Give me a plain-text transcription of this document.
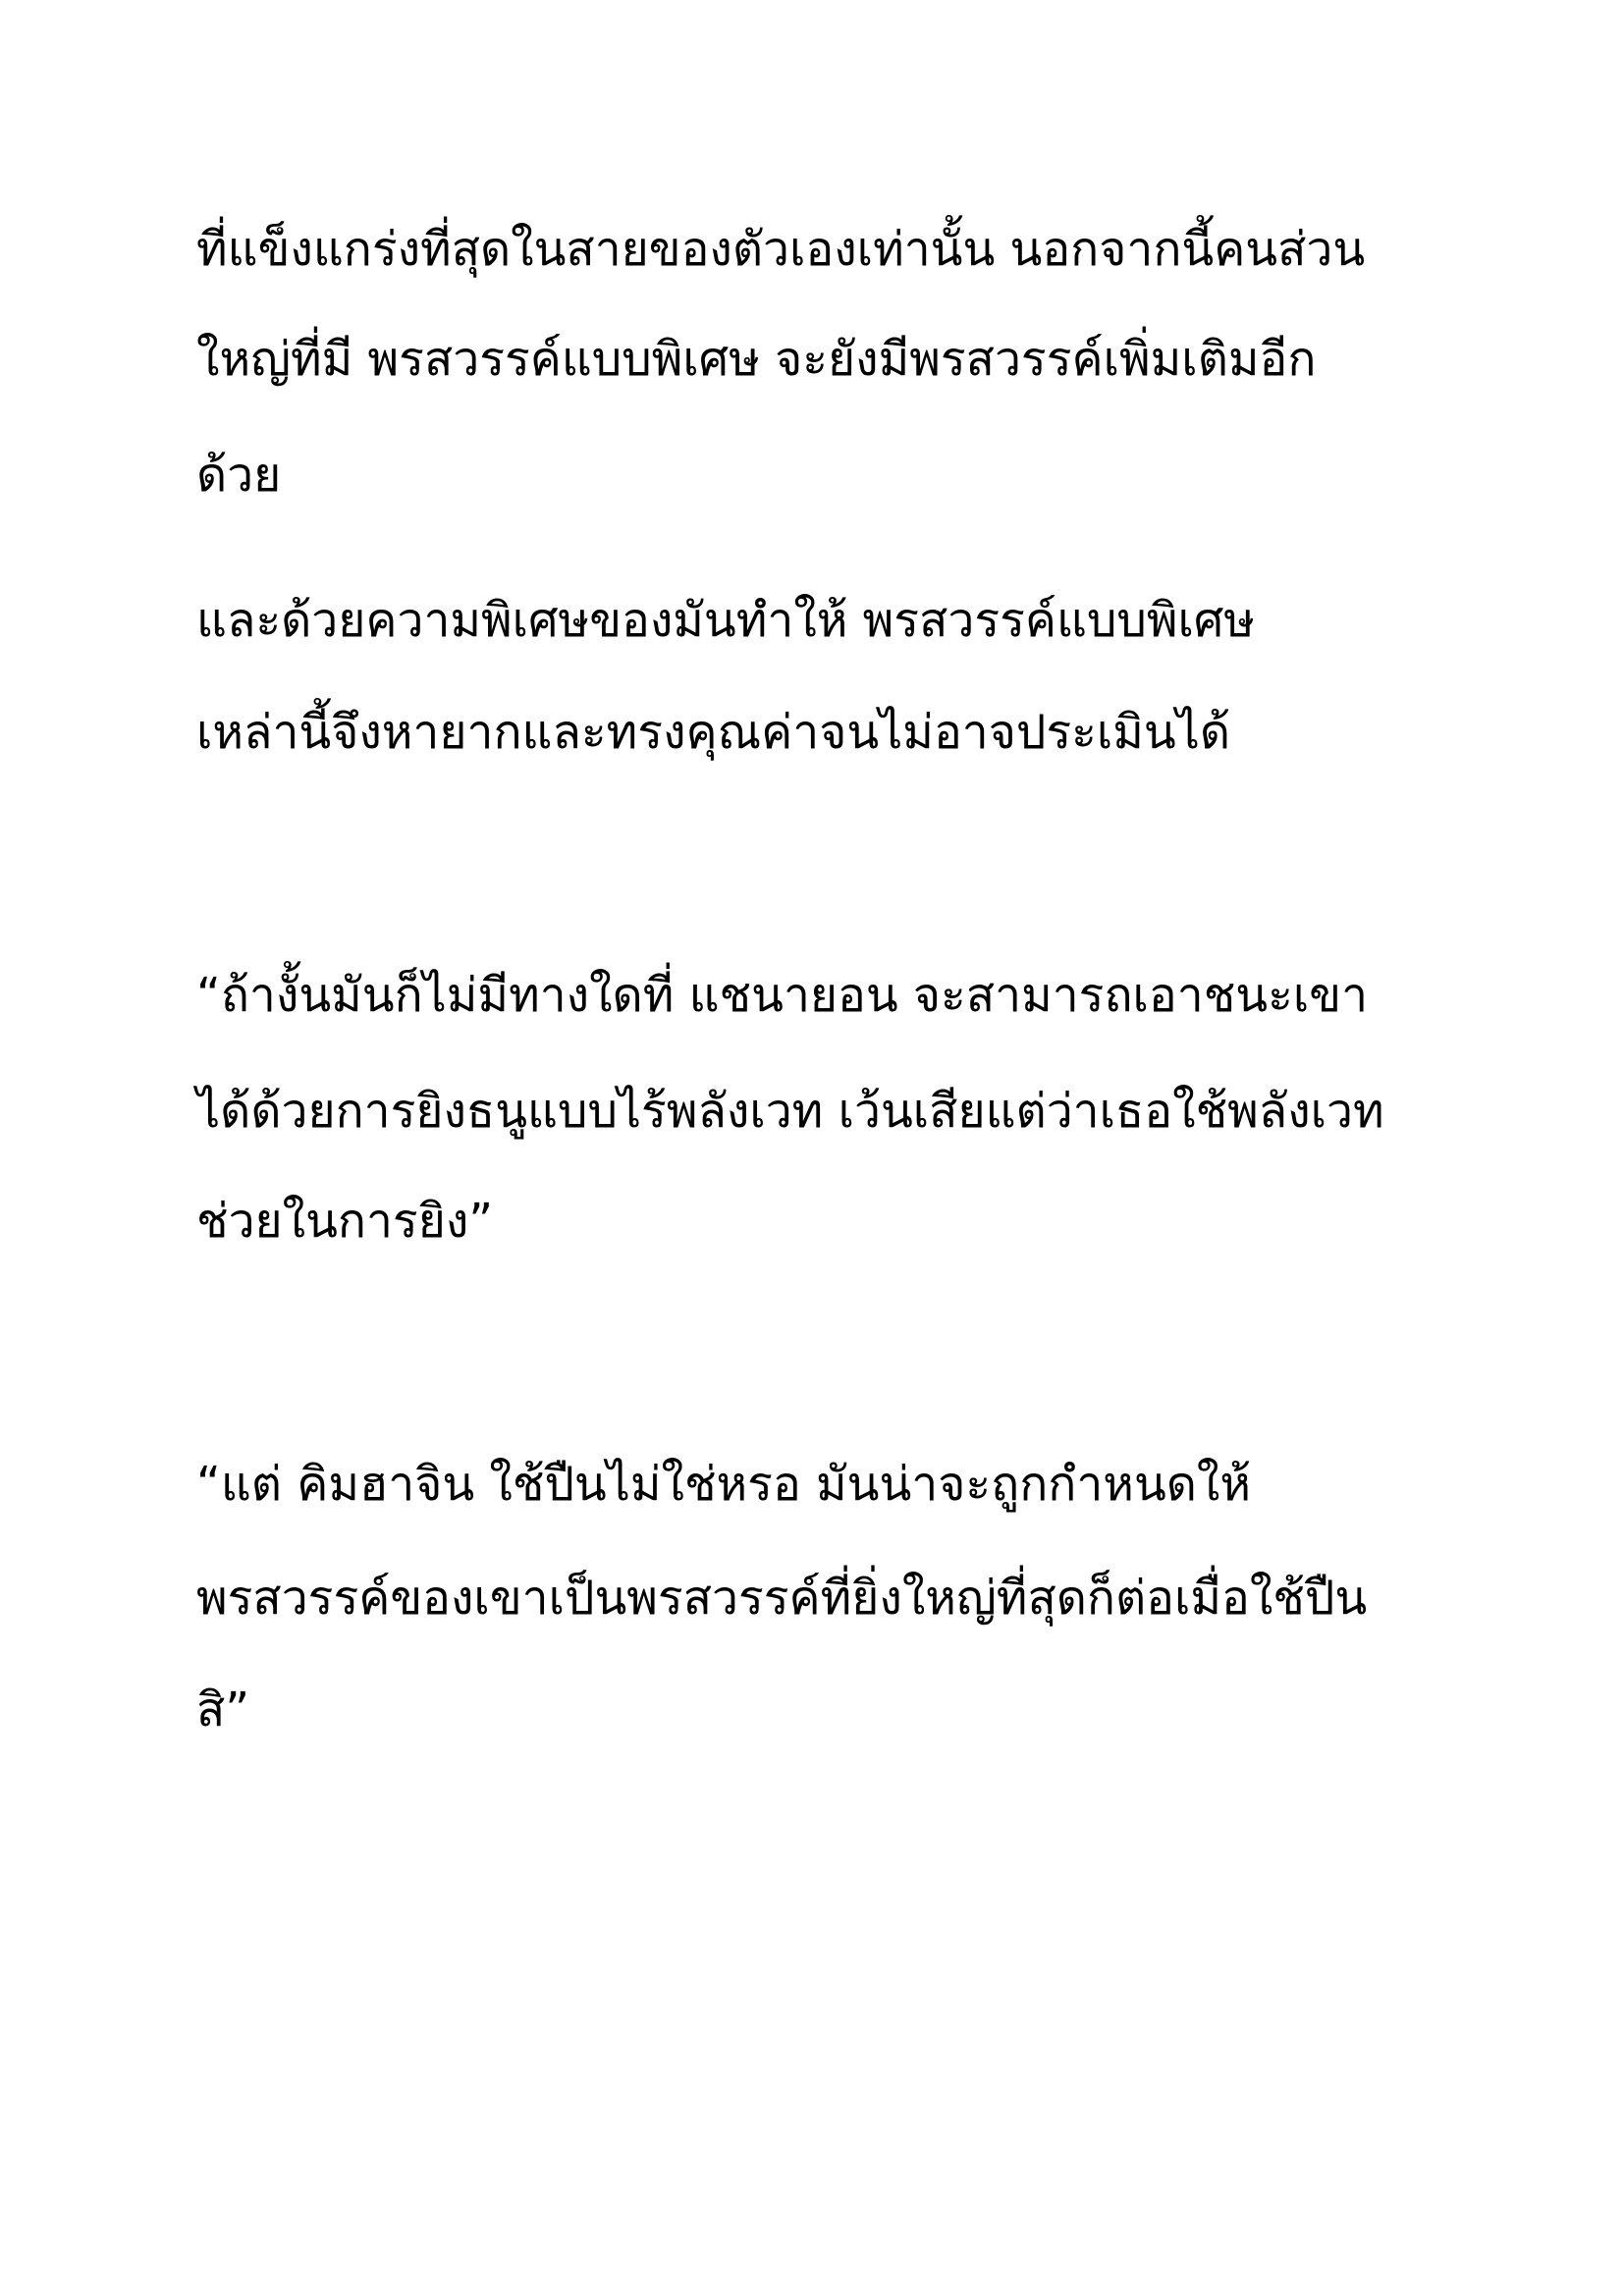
ที่แข็งแกร่งที่สุดในสายของตัวเองเท่านั้น นอกจากนี้คนส่วน

ใหญ่ที่มี พรสวรรค์แบบพิเศษ จะยังมีพรสวรรค์เพิ่มเติมอีก

ด้วย

และด้วยความพิเศษของมันทำให้ พรสวรรค์แบบพิเศษ

เหล่านี้จึงหายากและทรงคุณค่าจนไม่อาจประเมินได้

“ถ้างั้นมันก็ไม่มีทางใดที่ แชนายอน จะสามารถเอาชนะเขา

ได้ด้วยการยิงธนูแบบไร้พลังเวท เว้นเสียแต่ว่าเธอใช้พลังเวท

ช่วยในการยิง”

“แต่ คิมฮาจิน ใช้ปืนไม่ใช่หรอ มันน่าจะถูกกำหนดให้

พรสวรรค์ของเขาเป็นพรสวรรค์ที่ยิ่งใหญ่ที่สุดก็ต่อเมื่อใช้ปืน

สิ”
